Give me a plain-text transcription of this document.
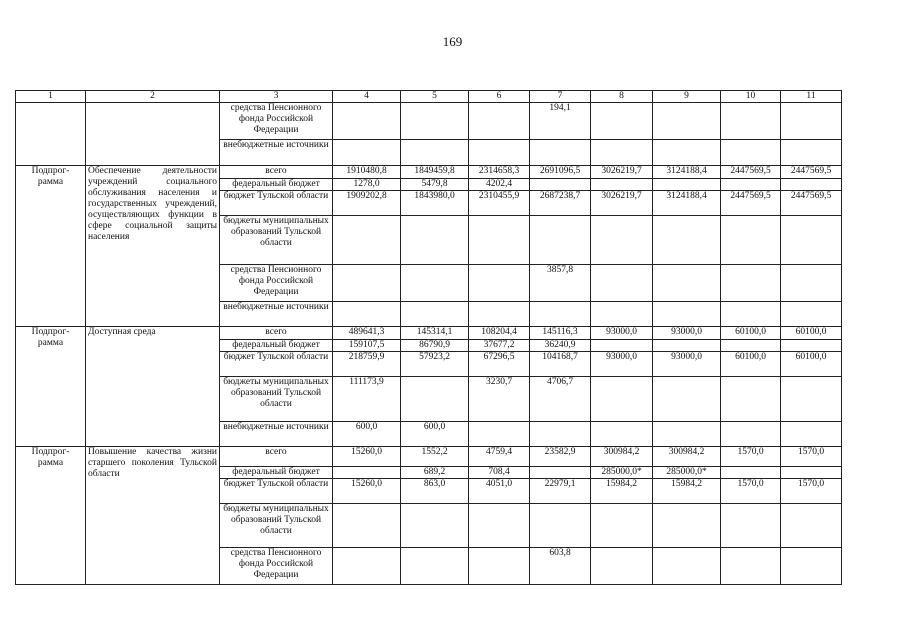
169
1	2	3	4	5	6	7	8	9	10	11
		средства Пенсионного фонда Российской Федерации				194,1				
		внебюджетные источники								
Подпрог-
рамма	Обеспечение деятельности учреждений социального обслуживания населения и государственных учреждений, осуществляющих функции в сфере социальной защиты населения	всего	1910480,8	1849459,8	2314658,3	2691096,5	3026219,7	3124188,4	2447569,5	2447569,5
		федеральный бюджет	1278,0	5479,8	4202,4					
		бюджет Тульской области	1909202,8	1843980,0	2310455,9	2687238,7	3026219,7	3124188,4	2447569,5	2447569,5
		бюджеты муниципальных образований Тульской области								
		средства Пенсионного фонда Российской Федерации				3857,8				
		внебюджетные источники								
Подпрог-
рамма	Доступная среда	всего	489641,3	145314,1	108204,4	145116,3	93000,0	93000,0	60100,0	60100,0
		федеральный бюджет	159107,5	86790,9	37677,2	36240,9				
		бюджет Тульской области	218759,9	57923,2	67296,5	104168,7	93000,0	93000,0	60100,0	60100,0
		бюджеты муниципальных образований Тульской области	111173,9		3230,7	4706,7				
		внебюджетные источники	600,0	600,0						
Подпрог-
рамма	Повышение качества жизни старшего поколения Тульской области	всего	15260,0	1552,2	4759,4	23582,9	300984,2	300984,2	1570,0	1570,0
		федеральный бюджет		689,2	708,4		285000,0*	285000,0*		
		бюджет Тульской области	15260,0	863,0	4051,0	22979,1	15984,2	15984,2	1570,0	1570,0
		бюджеты муниципальных образований Тульской области								
		средства Пенсионного фонда Российской Федерации				603,8				
